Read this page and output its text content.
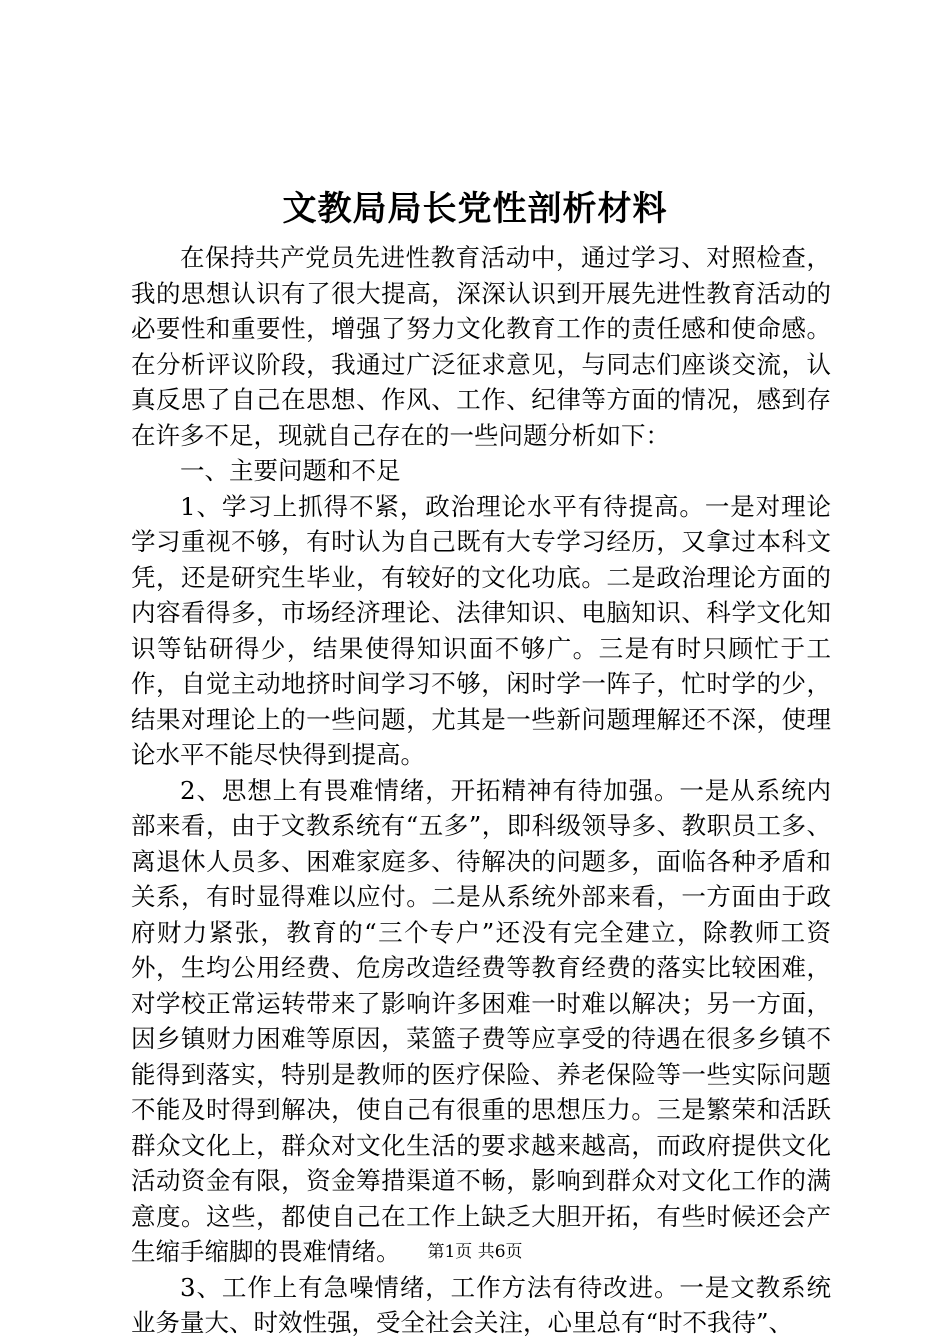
文教局局长党性剖析材料

在保持共产党员先进性教育活动中，通过学习、对照检查，我的思想认识有了很大提高，深深认识到开展先进性教育活动的必要性和重要性，增强了努力文化教育工作的责任感和使命感。在分析评议阶段，我通过广泛征求意见，与同志们座谈交流，认真反思了自己在思想、作风、工作、纪律等方面的情况，感到存在许多不足，现就自己存在的一些问题分析如下：

一、主要问题和不足

1、学习上抓得不紧，政治理论水平有待提高。一是对理论学习重视不够，有时认为自己既有大专学习经历，又拿过本科文凭，还是研究生毕业，有较好的文化功底。二是政治理论方面的内容看得多，市场经济理论、法律知识、电脑知识、科学文化知识等钻研得少，结果使得知识面不够广。三是有时只顾忙于工作，自觉主动地挤时间学习不够，闲时学一阵子，忙时学的少，结果对理论上的一些问题，尤其是一些新问题理解还不深，使理论水平不能尽快得到提高。

2、思想上有畏难情绪，开拓精神有待加强。一是从系统内部来看，由于文教系统有“五多”，即科级领导多、教职员工多、离退休人员多、困难家庭多、待解决的问题多，面临各种矛盾和关系，有时显得难以应付。二是从系统外部来看，一方面由于政府财力紧张，教育的“三个专户”还没有完全建立，除教师工资外，生均公用经费、危房改造经费等教育经费的落实比较困难，对学校正常运转带来了影响许多困难一时难以解决；另一方面，因乡镇财力困难等原因，菜篮子费等应享受的待遇在很多乡镇不能得到落实，特别是教师的医疗保险、养老保险等一些实际问题不能及时得到解决，使自己有很重的思想压力。三是繁荣和活跃群众文化上，群众对文化生活的要求越来越高，而政府提供文化活动资金有限，资金筹措渠道不畅，影响到群众对文化工作的满意度。这些，都使自己在工作上缺乏大胆开拓，有些时候还会产生缩手缩脚的畏难情绪。

3、工作上有急噪情绪，工作方法有待改进。一是文教系统业务量大、时效性强，受全社会关注，心里总有“时不我待”、

第1页 共6页
